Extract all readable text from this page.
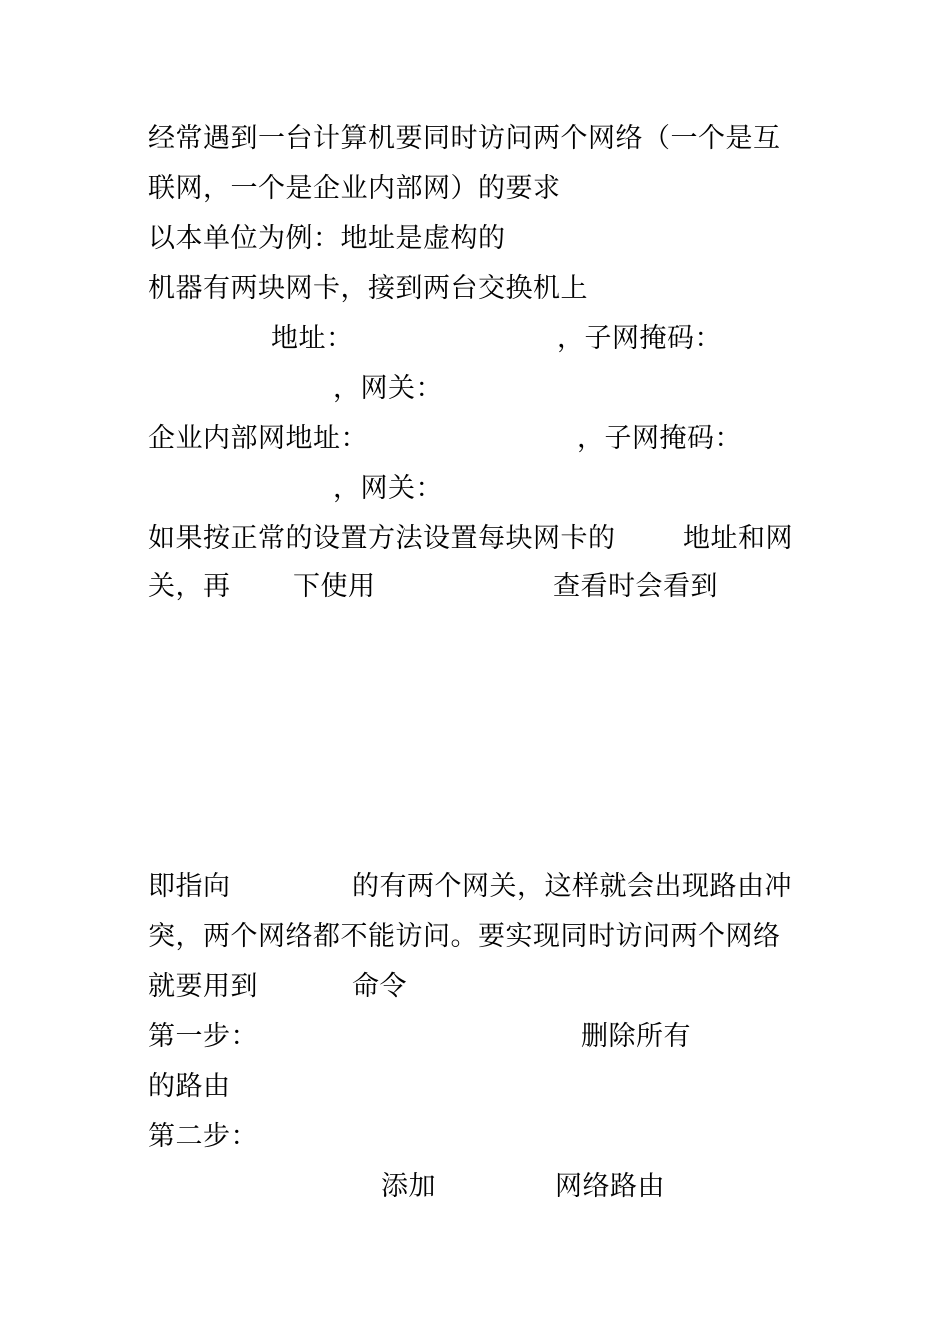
经常遇到一台计算机要同时访问两个网络（一个是互
联网，一个是企业内部网）的要求
以本单位为例：地址是虚构的
机器有两块网卡，接到两台交换机上
地址：	，子网掩码：
，网关：
企业内部网地址：	，子网掩码：
，网关：
如果按正常的设置方法设置每块网卡的	地址和网
关，再 下使用	查看时会看到
即指向	的有两个网关，这样就会出现路由冲
突，两个网络都不能访问。要实现同时访问两个网络
就要用到	命令
第一步：	删除所有
的路由
第二步：
添加	网络路由
